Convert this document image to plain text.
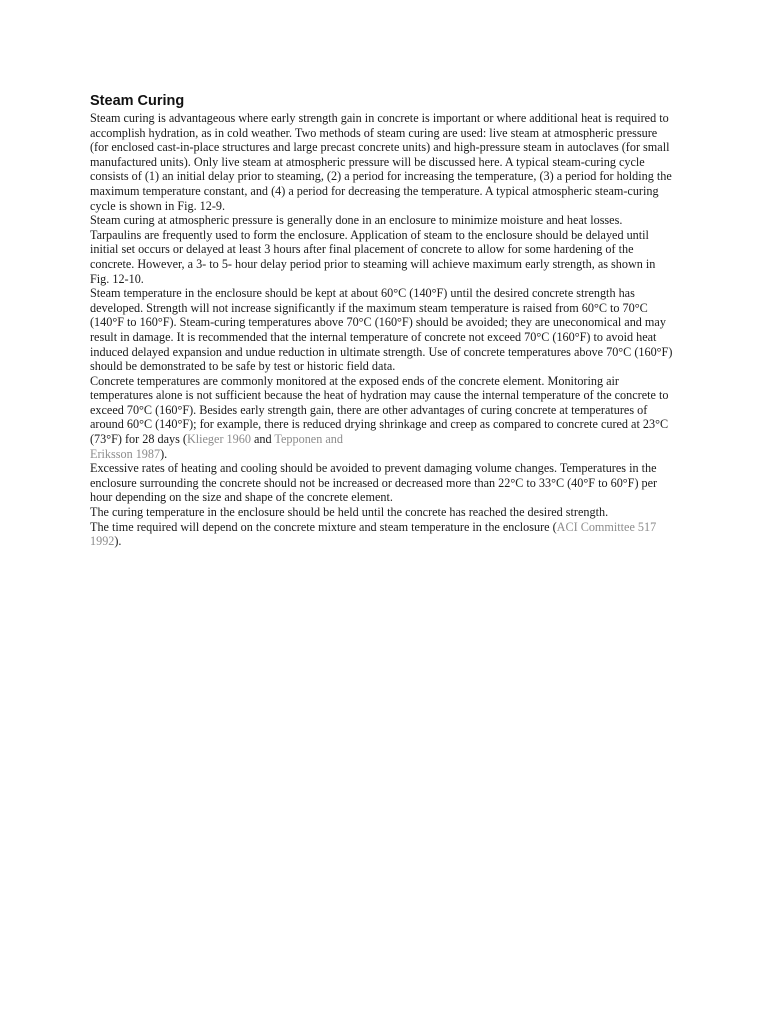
Steam Curing

Steam curing is advantageous where early strength gain in concrete is important or where additional heat is required to accomplish hydration, as in cold weather. Two methods of steam curing are used: live steam at atmospheric pressure (for enclosed cast-in-place structures and large precast concrete units) and high-pressure steam in autoclaves (for small manufactured units). Only live steam at atmospheric pressure will be discussed here. A typical steam-curing cycle consists of (1) an initial delay prior to steaming, (2) a period for increasing the temperature, (3) a period for holding the maximum temperature constant, and (4) a period for decreasing the temperature. A typical atmospheric steam-curing cycle is shown in Fig. 12-9.

Steam curing at atmospheric pressure is generally done in an enclosure to minimize moisture and heat losses. Tarpaulins are frequently used to form the enclosure. Application of steam to the enclosure should be delayed until initial set occurs or delayed at least 3 hours after final placement of concrete to allow for some hardening of the concrete. However, a 3- to 5- hour delay period prior to steaming will achieve maximum early strength, as shown in Fig. 12-10.

Steam temperature in the enclosure should be kept at about 60°C (140°F) until the desired concrete strength has developed. Strength will not increase significantly if the maximum steam temperature is raised from 60°C to 70°C (140°F to 160°F). Steam-curing temperatures above 70°C (160°F) should be avoided; they are uneconomical and may result in damage. It is recommended that the internal temperature of concrete not exceed 70°C (160°F) to avoid heat induced delayed expansion and undue reduction in ultimate strength. Use of concrete temperatures above 70°C (160°F) should be demonstrated to be safe by test or historic field data.

Concrete temperatures are commonly monitored at the exposed ends of the concrete element. Monitoring air temperatures alone is not sufficient because the heat of hydration may cause the internal temperature of the concrete to exceed 70°C (160°F). Besides early strength gain, there are other advantages of curing concrete at temperatures of around 60°C (140°F); for example, there is reduced drying shrinkage and creep as compared to concrete cured at 23°C (73°F) for 28 days (Klieger 1960 and Tepponen and
Eriksson 1987).

Excessive rates of heating and cooling should be avoided to prevent damaging volume changes. Temperatures in the enclosure surrounding the concrete should not be increased or decreased more than 22°C to 33°C (40°F to 60°F) per hour depending on the size and shape of the concrete element.

The curing temperature in the enclosure should be held until the concrete has reached the desired strength.

The time required will depend on the concrete mixture and steam temperature in the enclosure (ACI Committee 517 1992).
